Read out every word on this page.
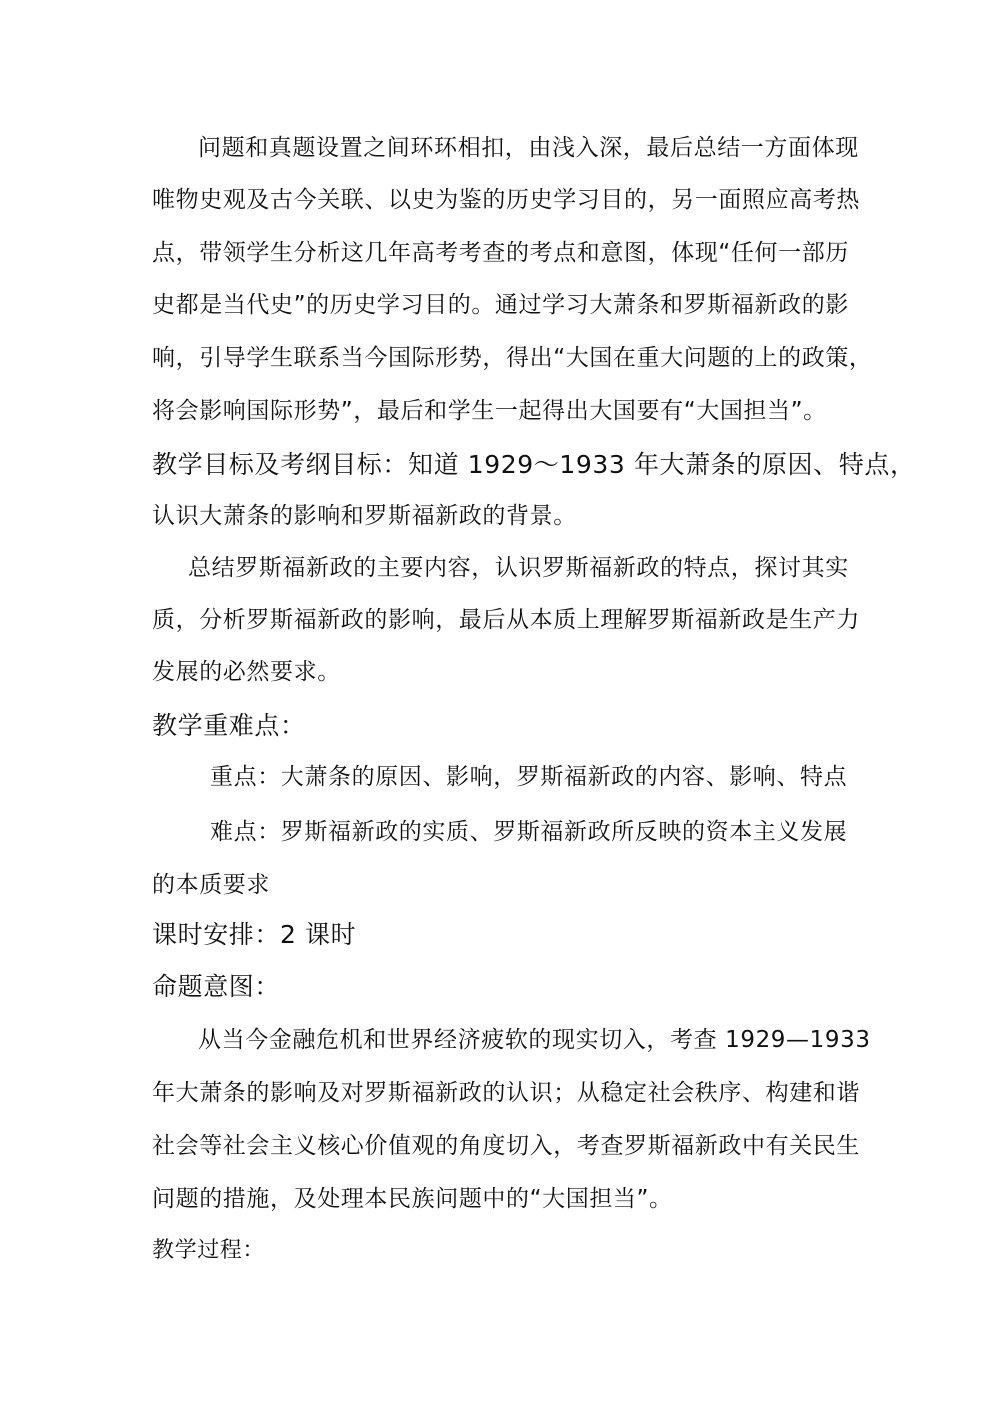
问题和真题设置之间环环相扣，由浅入深，最后总结一方面体现
唯物史观及古今关联、以史为鉴的历史学习目的，另一面照应高考热
点，带领学生分析这几年高考考查的考点和意图，体现“任何一部历
史都是当代史”的历史学习目的。通过学习大萧条和罗斯福新政的影
响，引导学生联系当今国际形势，得出“大国在重大问题的上的政策，
将会影响国际形势”，最后和学生一起得出大国要有“大国担当”。
教学目标及考纲目标：知道 1929～1933 年大萧条的原因、特点，
认识大萧条的影响和罗斯福新政的背景。
总结罗斯福新政的主要内容，认识罗斯福新政的特点，探讨其实
质，分析罗斯福新政的影响，最后从本质上理解罗斯福新政是生产力
发展的必然要求。
教学重难点：
重点：大萧条的原因、影响，罗斯福新政的内容、影响、特点
难点：罗斯福新政的实质、罗斯福新政所反映的资本主义发展
的本质要求
课时安排：2 课时
命题意图：
从当今金融危机和世界经济疲软的现实切入，考查 1929—1933
年大萧条的影响及对罗斯福新政的认识；从稳定社会秩序、构建和谐
社会等社会主义核心价值观的角度切入，考查罗斯福新政中有关民生
问题的措施，及处理本民族问题中的“大国担当”。
教学过程：
